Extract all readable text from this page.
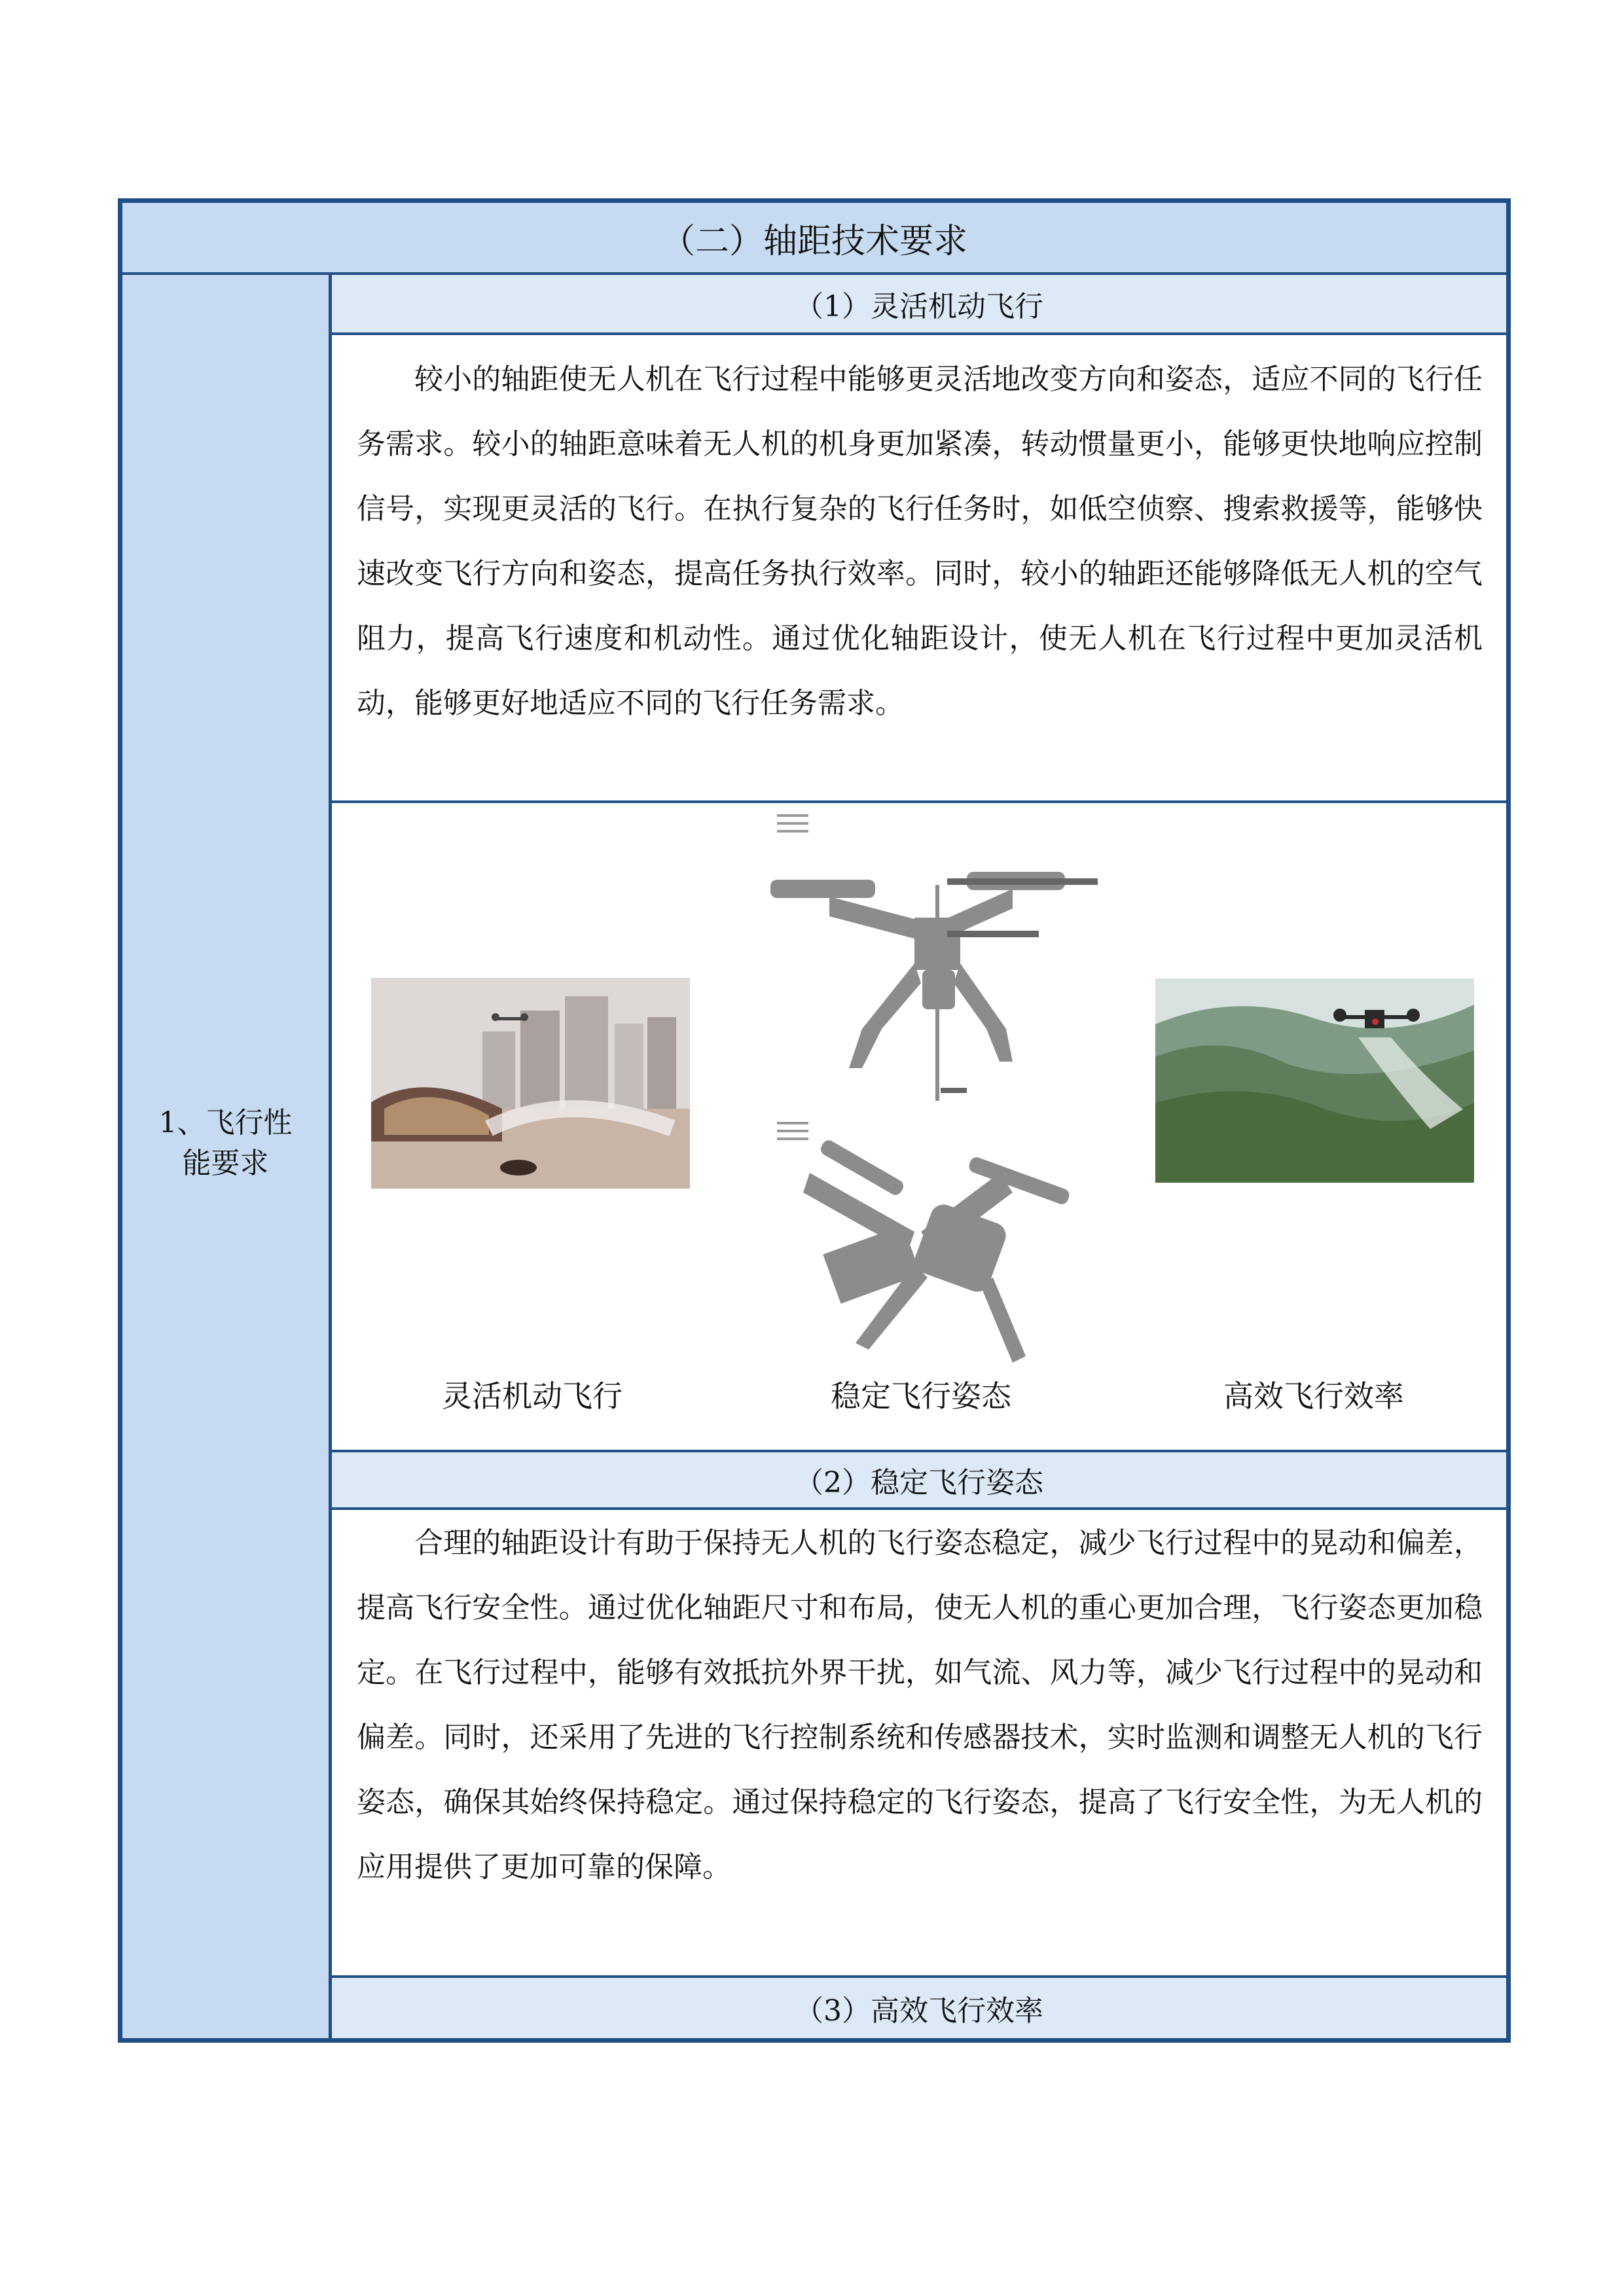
（二）轴距技术要求
1、飞行性
能要求
（1）灵活机动飞行
较小的轴距使无人机在飞行过程中能够更灵活地改变方向和姿态，适应不同的飞行任务需求。较小的轴距意味着无人机的机身更加紧凑，转动惯量更小，能够更快地响应控制信号，实现更灵活的飞行。在执行复杂的飞行任务时，如低空侦察、搜索救援等，能够快速改变飞行方向和姿态，提高任务执行效率。同时，较小的轴距还能够降低无人机的空气阻力，提高飞行速度和机动性。通过优化轴距设计，使无人机在飞行过程中更加灵活机动，能够更好地适应不同的飞行任务需求。
灵活机动飞行	稳定飞行姿态	高效飞行效率
（2）稳定飞行姿态
合理的轴距设计有助于保持无人机的飞行姿态稳定，减少飞行过程中的晃动和偏差，提高飞行安全性。通过优化轴距尺寸和布局，使无人机的重心更加合理，飞行姿态更加稳定。在飞行过程中，能够有效抵抗外界干扰，如气流、风力等，减少飞行过程中的晃动和偏差。同时，还采用了先进的飞行控制系统和传感器技术，实时监测和调整无人机的飞行姿态，确保其始终保持稳定。通过保持稳定的飞行姿态，提高了飞行安全性，为无人机的应用提供了更加可靠的保障。
（3）高效飞行效率
